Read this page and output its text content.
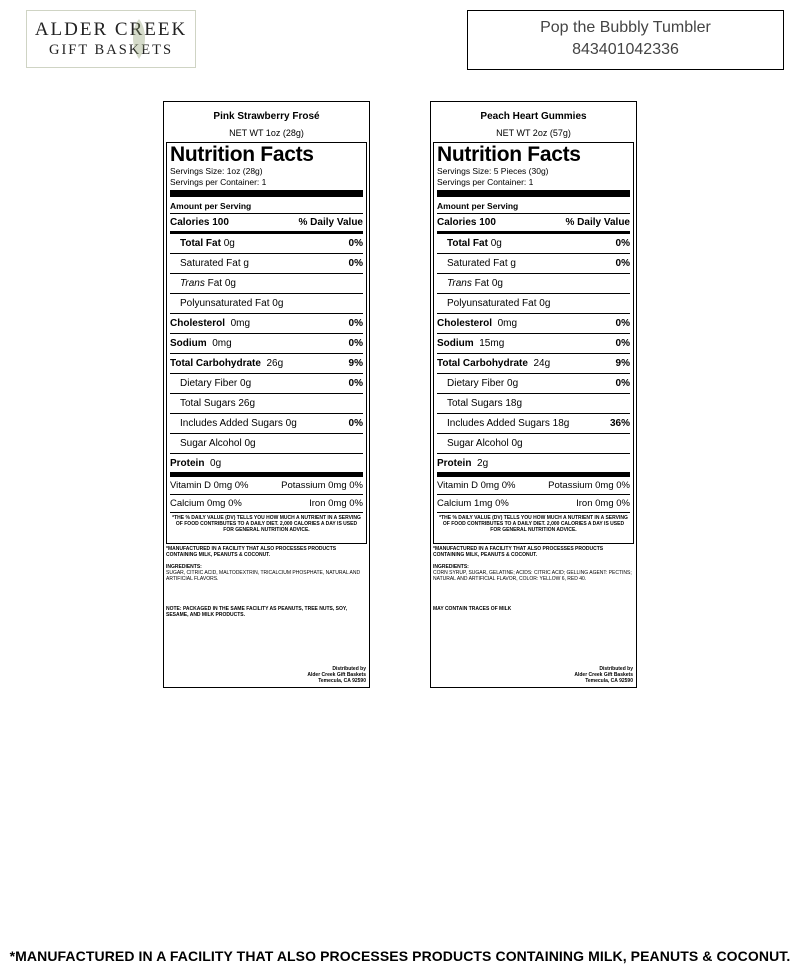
ALDER CREEK
GIFT BASKETS
Pop the Bubbly Tumbler
843401042336
Pink Strawberry Frosé
NET WT 1oz (28g)
Nutrition Facts
Servings Size: 1oz (28g)
Servings per Container: 1
Amount per Serving
Calories 100	% Daily Value
Total Fat 0g	0%
Saturated Fat g	0%
Trans Fat 0g
Polyunsaturated Fat 0g
Cholesterol 0mg	0%
Sodium 0mg	0%
Total Carbohydrate 26g	9%
Dietary Fiber 0g	0%
Total Sugars 26g
Includes Added Sugars 0g	0%
Sugar Alcohol 0g
Protein 0g
Vitamin D 0mg 0%	Potassium 0mg 0%
Calcium 0mg 0%	Iron 0mg 0%
*THE % DAILY VALUE (DV) TELLS YOU HOW MUCH A NUTRIENT IN A SERVING OF FOOD CONTRIBUTES TO A DAILY DIET. 2,000 CALORIES A DAY IS USED FOR GENERAL NUTRITION ADVICE.
*MANUFACTURED IN A FACILITY THAT ALSO PROCESSES PRODUCTS CONTAINING MILK, PEANUTS & COCONUT.
INGREDIENTS:
SUGAR, CITRIC ACID, MALTODEXTRIN, TRICALCIUM PHOSPHATE, NATURAL AND ARTIFICIAL FLAVORS.
NOTE: PACKAGED IN THE SAME FACILITY AS PEANUTS, TREE NUTS, SOY, SESAME, AND MILK PRODUCTS.
Distributed by
Alder Creek Gift Baskets
Temecula, CA 92590
Peach Heart Gummies
NET WT 2oz (57g)
Nutrition Facts
Servings Size: 5 Pieces (30g)
Servings per Container: 1
Amount per Serving
Calories 100	% Daily Value
Total Fat 0g	0%
Saturated Fat g	0%
Trans Fat 0g
Polyunsaturated Fat 0g
Cholesterol 0mg	0%
Sodium 15mg	0%
Total Carbohydrate 24g	9%
Dietary Fiber 0g	0%
Total Sugars 18g
Includes Added Sugars 18g	36%
Sugar Alcohol 0g
Protein 2g
Vitamin D 0mg 0%	Potassium 0mg 0%
Calcium 1mg 0%	Iron 0mg 0%
*THE % DAILY VALUE (DV) TELLS YOU HOW MUCH A NUTRIENT IN A SERVING OF FOOD CONTRIBUTES TO A DAILY DIET. 2,000 CALORIES A DAY IS USED FOR GENERAL NUTRITION ADVICE.
*MANUFACTURED IN A FACILITY THAT ALSO PROCESSES PRODUCTS CONTAINING MILK, PEANUTS & COCONUT.
INGREDIENTS:
CORN SYRUP, SUGAR, GELATINE; ACIDS: CITRIC ACID; GELLING AGENT: PECTINS; NATURAL AND ARTIFICIAL FLAVOR, COLOR: YELLOW 6, RED 40.
MAY CONTAIN TRACES OF MILK
Distributed by
Alder Creek Gift Baskets
Temecula, CA 92590
*MANUFACTURED IN A FACILITY THAT ALSO PROCESSES PRODUCTS CONTAINING MILK, PEANUTS & COCONUT.
